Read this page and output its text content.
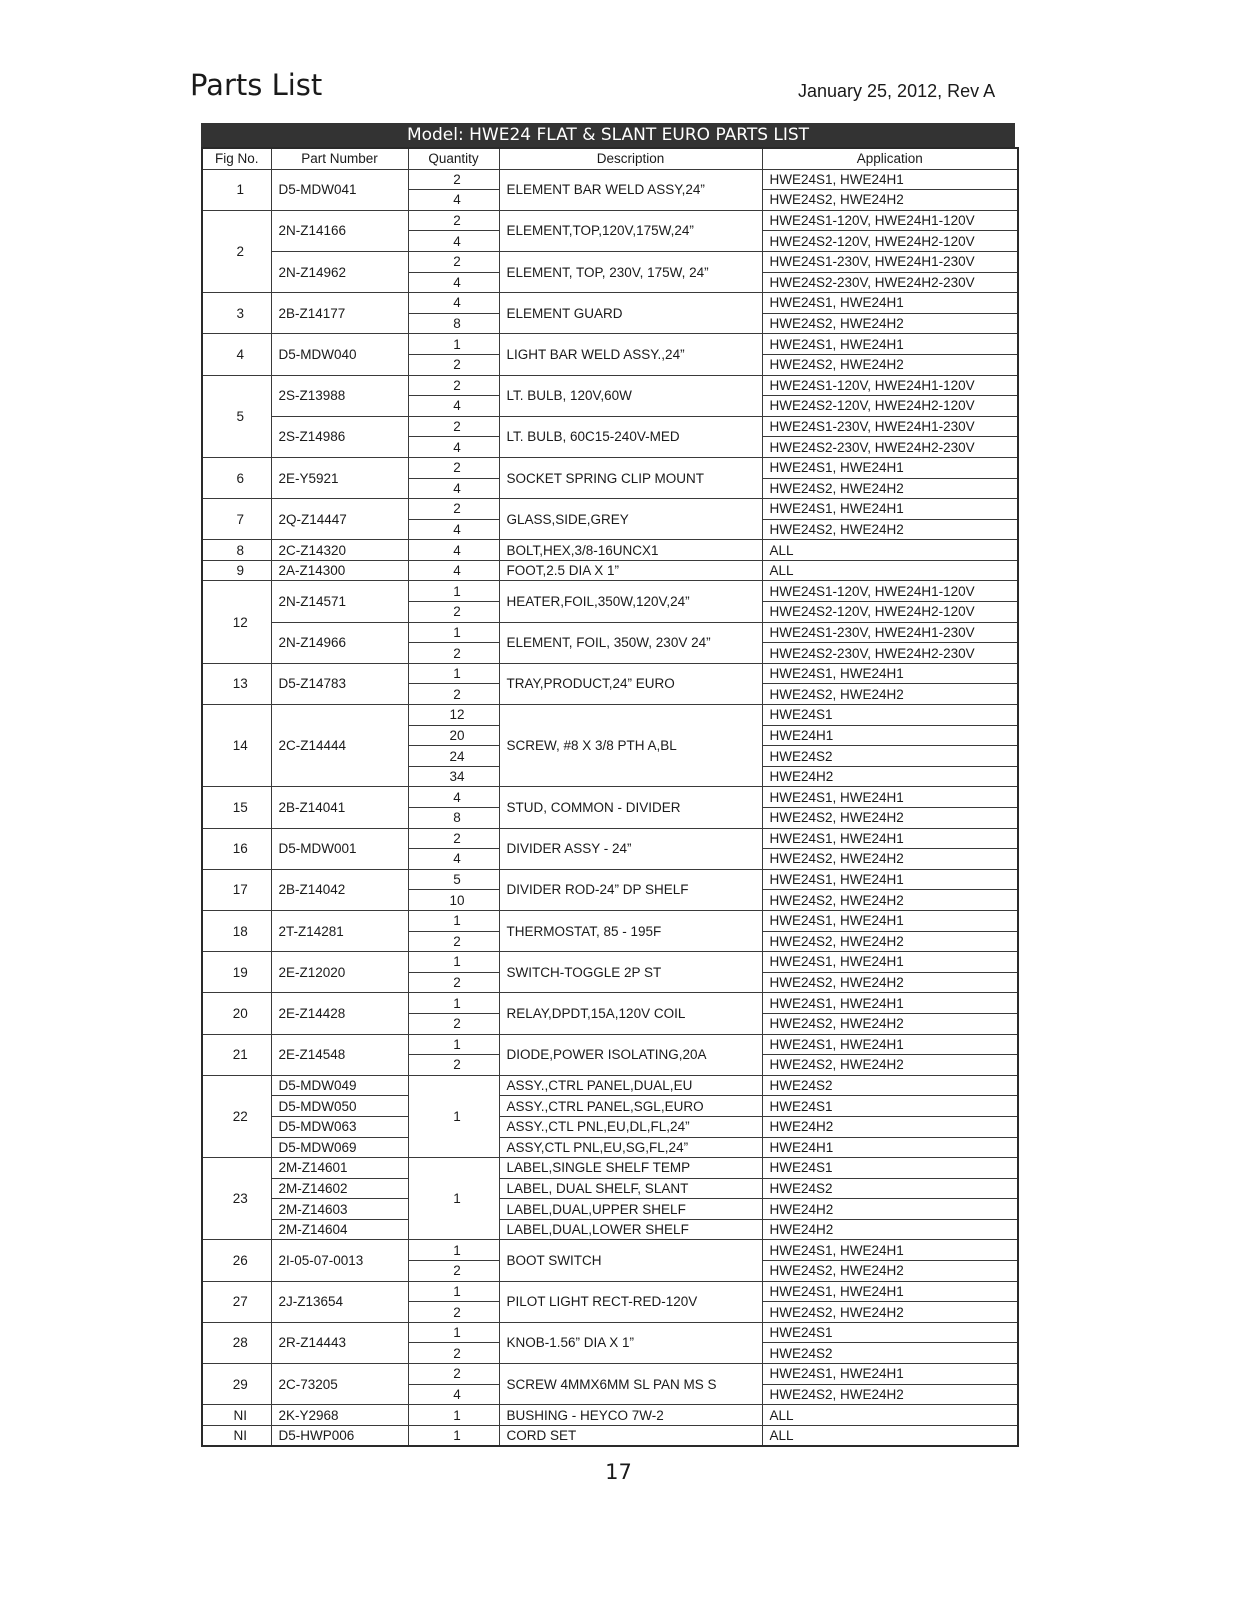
Parts List	January 25, 2012, Rev A
Model: HWE24 FLAT & SLANT EURO PARTS LIST
Fig No.	Part Number	Quantity	Description	Application
1	D5-MDW041	2	ELEMENT BAR WELD ASSY,24”	HWE24S1, HWE24H1
		4		HWE24S2, HWE24H2
2	2N-Z14166	2	ELEMENT,TOP,120V,175W,24”	HWE24S1-120V, HWE24H1-120V
		4		HWE24S2-120V, HWE24H2-120V
	2N-Z14962	2	ELEMENT, TOP, 230V, 175W, 24”	HWE24S1-230V, HWE24H1-230V
		4		HWE24S2-230V, HWE24H2-230V
3	2B-Z14177	4	ELEMENT GUARD	HWE24S1, HWE24H1
		8		HWE24S2, HWE24H2
4	D5-MDW040	1	LIGHT BAR WELD ASSY.,24”	HWE24S1, HWE24H1
		2		HWE24S2, HWE24H2
5	2S-Z13988	2	LT. BULB, 120V,60W	HWE24S1-120V, HWE24H1-120V
		4		HWE24S2-120V, HWE24H2-120V
	2S-Z14986	2	LT. BULB, 60C15-240V-MED	HWE24S1-230V, HWE24H1-230V
		4		HWE24S2-230V, HWE24H2-230V
6	2E-Y5921	2	SOCKET SPRING CLIP MOUNT	HWE24S1, HWE24H1
		4		HWE24S2, HWE24H2
7	2Q-Z14447	2	GLASS,SIDE,GREY	HWE24S1, HWE24H1
		4		HWE24S2, HWE24H2
8	2C-Z14320	4	BOLT,HEX,3/8-16UNCX1	ALL
9	2A-Z14300	4	FOOT,2.5 DIA X 1”	ALL
12	2N-Z14571	1	HEATER,FOIL,350W,120V,24”	HWE24S1-120V, HWE24H1-120V
		2		HWE24S2-120V, HWE24H2-120V
	2N-Z14966	1	ELEMENT, FOIL, 350W, 230V 24”	HWE24S1-230V, HWE24H1-230V
		2		HWE24S2-230V, HWE24H2-230V
13	D5-Z14783	1	TRAY,PRODUCT,24” EURO	HWE24S1, HWE24H1
		2		HWE24S2, HWE24H2
14	2C-Z14444	12	SCREW, #8 X 3/8 PTH A,BL	HWE24S1
		20		HWE24H1
		24		HWE24S2
		34		HWE24H2
15	2B-Z14041	4	STUD, COMMON - DIVIDER	HWE24S1, HWE24H1
		8		HWE24S2, HWE24H2
16	D5-MDW001	2	DIVIDER ASSY - 24”	HWE24S1, HWE24H1
		4		HWE24S2, HWE24H2
17	2B-Z14042	5	DIVIDER ROD-24” DP SHELF	HWE24S1, HWE24H1
		10		HWE24S2, HWE24H2
18	2T-Z14281	1	THERMOSTAT, 85 - 195F	HWE24S1, HWE24H1
		2		HWE24S2, HWE24H2
19	2E-Z12020	1	SWITCH-TOGGLE 2P ST	HWE24S1, HWE24H1
		2		HWE24S2, HWE24H2
20	2E-Z14428	1	RELAY,DPDT,15A,120V COIL	HWE24S1, HWE24H1
		2		HWE24S2, HWE24H2
21	2E-Z14548	1	DIODE,POWER ISOLATING,20A	HWE24S1, HWE24H1
		2		HWE24S2, HWE24H2
22	D5-MDW049	1	ASSY.,CTRL PANEL,DUAL,EU	HWE24S2
	D5-MDW050		ASSY.,CTRL PANEL,SGL,EURO	HWE24S1
	D5-MDW063		ASSY.,CTL PNL,EU,DL,FL,24”	HWE24H2
	D5-MDW069		ASSY,CTL PNL,EU,SG,FL,24”	HWE24H1
23	2M-Z14601	1	LABEL,SINGLE SHELF TEMP	HWE24S1
	2M-Z14602		LABEL, DUAL SHELF, SLANT	HWE24S2
	2M-Z14603		LABEL,DUAL,UPPER SHELF	HWE24H2
	2M-Z14604		LABEL,DUAL,LOWER SHELF	HWE24H2
26	2I-05-07-0013	1	BOOT SWITCH	HWE24S1, HWE24H1
		2		HWE24S2, HWE24H2
27	2J-Z13654	1	PILOT LIGHT RECT-RED-120V	HWE24S1, HWE24H1
		2		HWE24S2, HWE24H2
28	2R-Z14443	1	KNOB-1.56” DIA X 1”	HWE24S1
		2		HWE24S2
29	2C-73205	2	SCREW 4MMX6MM SL PAN MS S	HWE24S1, HWE24H1
		4		HWE24S2, HWE24H2
NI	2K-Y2968	1	BUSHING - HEYCO 7W-2	ALL
NI	D5-HWP006	1	CORD SET	ALL
17
